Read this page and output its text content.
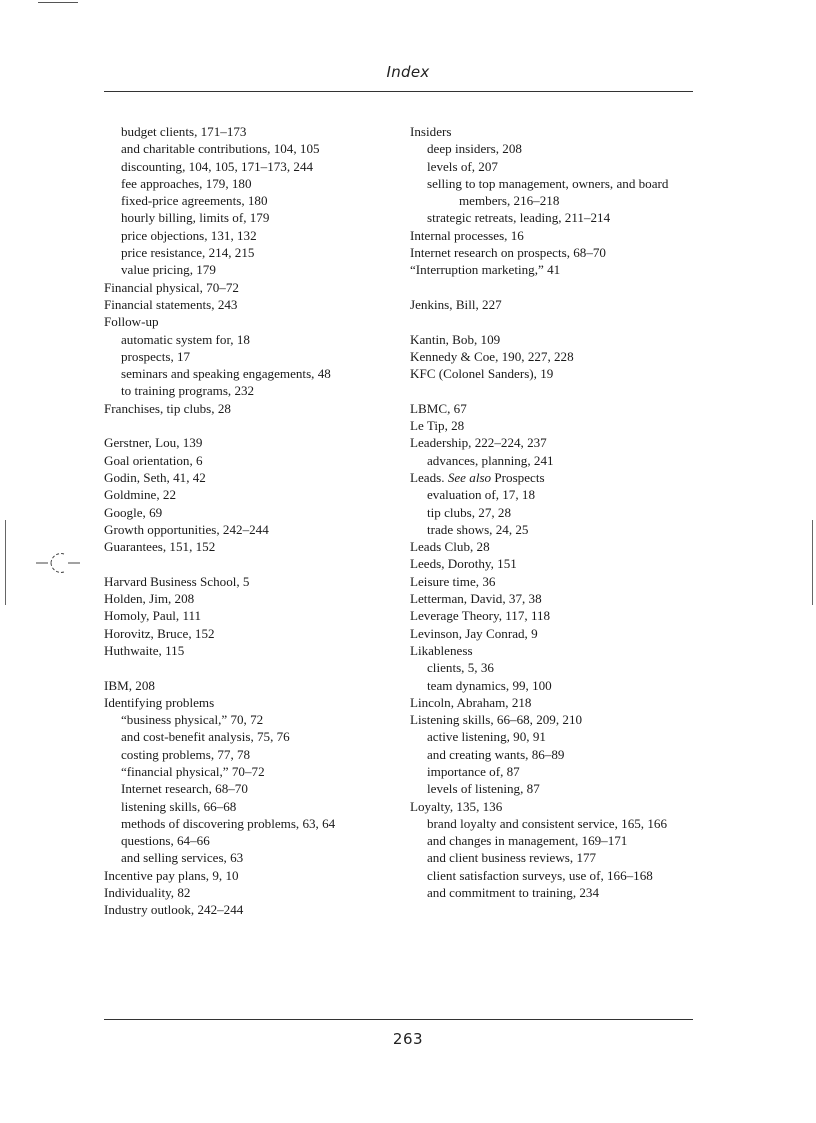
Index
budget clients, 171–173
and charitable contributions, 104, 105
discounting, 104, 105, 171–173, 244
fee approaches, 179, 180
fixed-price agreements, 180
hourly billing, limits of, 179
price objections, 131, 132
price resistance, 214, 215
value pricing, 179
Financial physical, 70–72
Financial statements, 243
Follow-up
automatic system for, 18
prospects, 17
seminars and speaking engagements, 48
to training programs, 232
Franchises, tip clubs, 28
Gerstner, Lou, 139
Goal orientation, 6
Godin, Seth, 41, 42
Goldmine, 22
Google, 69
Growth opportunities, 242–244
Guarantees, 151, 152
Harvard Business School, 5
Holden, Jim, 208
Homoly, Paul, 111
Horovitz, Bruce, 152
Huthwaite, 115
IBM, 208
Identifying problems
“business physical,” 70, 72
and cost-benefit analysis, 75, 76
costing problems, 77, 78
“financial physical,” 70–72
Internet research, 68–70
listening skills, 66–68
methods of discovering problems, 63, 64
questions, 64–66
and selling services, 63
Incentive pay plans, 9, 10
Individuality, 82
Industry outlook, 242–244
Insiders
deep insiders, 208
levels of, 207
selling to top management, owners, and board members, 216–218
strategic retreats, leading, 211–214
Internal processes, 16
Internet research on prospects, 68–70
“Interruption marketing,” 41
Jenkins, Bill, 227
Kantin, Bob, 109
Kennedy & Coe, 190, 227, 228
KFC (Colonel Sanders), 19
LBMC, 67
Le Tip, 28
Leadership, 222–224, 237
advances, planning, 241
Leads. See also Prospects
evaluation of, 17, 18
tip clubs, 27, 28
trade shows, 24, 25
Leads Club, 28
Leeds, Dorothy, 151
Leisure time, 36
Letterman, David, 37, 38
Leverage Theory, 117, 118
Levinson, Jay Conrad, 9
Likableness
clients, 5, 36
team dynamics, 99, 100
Lincoln, Abraham, 218
Listening skills, 66–68, 209, 210
active listening, 90, 91
and creating wants, 86–89
importance of, 87
levels of listening, 87
Loyalty, 135, 136
brand loyalty and consistent service, 165, 166
and changes in management, 169–171
and client business reviews, 177
client satisfaction surveys, use of, 166–168
and commitment to training, 234
263
